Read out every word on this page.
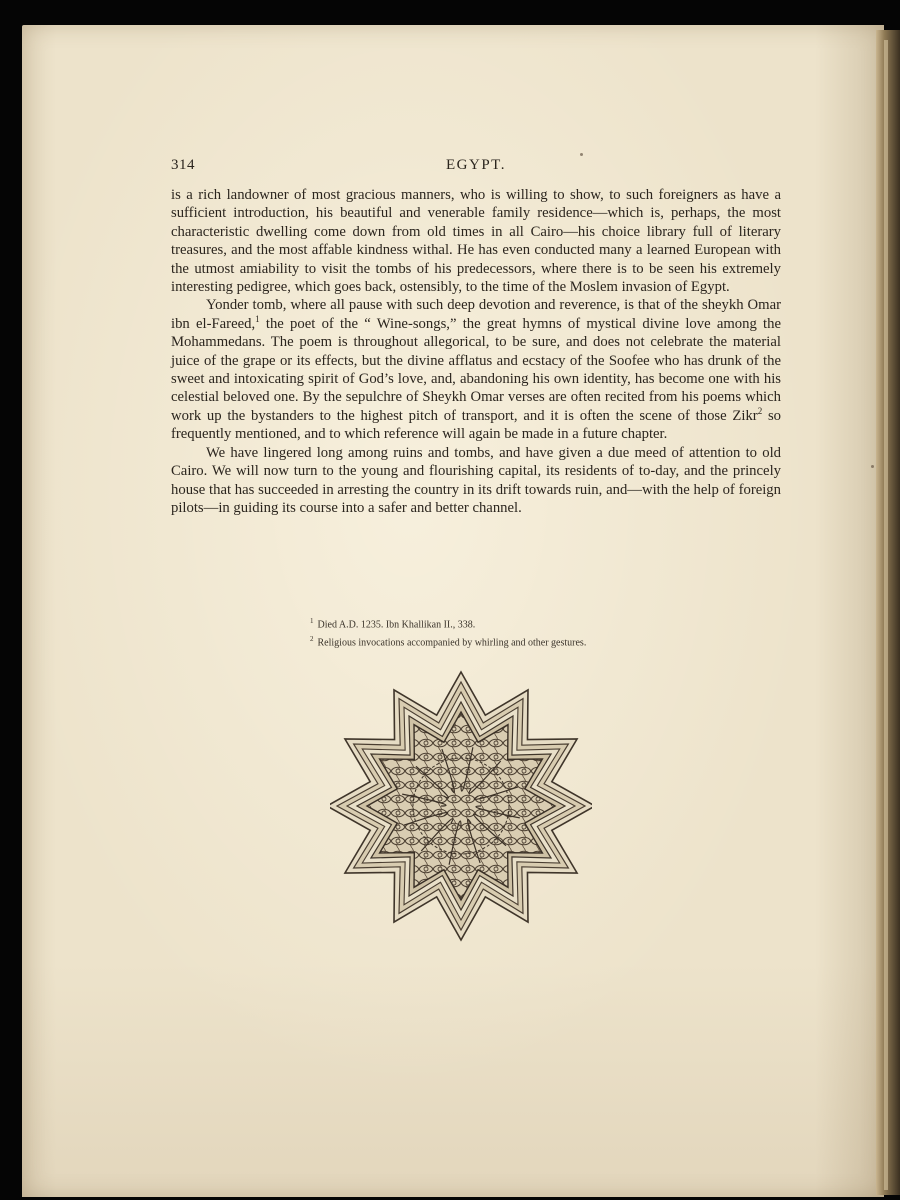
314	EGYPT.

is a rich landowner of most gracious manners, who is willing to show, to such foreigners as have a sufficient introduction, his beautiful and venerable family residence—which is, perhaps, the most characteristic dwelling come down from old times in all Cairo—his choice library full of literary treasures, and the most affable kindness withal. He has even conducted many a learned European with the utmost amiability to visit the tombs of his predecessors, where there is to be seen his extremely interesting pedigree, which goes back, ostensibly, to the time of the Moslem invasion of Egypt.

Yonder tomb, where all pause with such deep devotion and reverence, is that of the sheykh Omar ibn el-Fareed,$^1$ the poet of the “ Wine-songs,” the great hymns of mystical divine love among the Mohammedans. The poem is throughout allegorical, to be sure, and does not celebrate the material juice of the grape or its effects, but the divine afflatus and ecstacy of the Soofee who has drunk of the sweet and intoxicating spirit of God’s love, and, abandoning his own identity, has become one with his celestial beloved one. By the sepulchre of Sheykh Omar verses are often recited from his poems which work up the bystanders to the highest pitch of transport, and it is often the scene of those Zikr$^2$ so frequently mentioned, and to which reference will again be made in a future chapter.

We have lingered long among ruins and tombs, and have given a due meed of attention to old Cairo. We will now turn to the young and flourishing capital, its residents of to-day, and the princely house that has succeeded in arresting the country in its drift towards ruin, and—with the help of foreign pilots—in guiding its course into a safer and better channel.

$^1$ Died A.D. 1235. Ibn Khallikan II., 338.
$^2$ Religious invocations accompanied by whirling and other gestures.
